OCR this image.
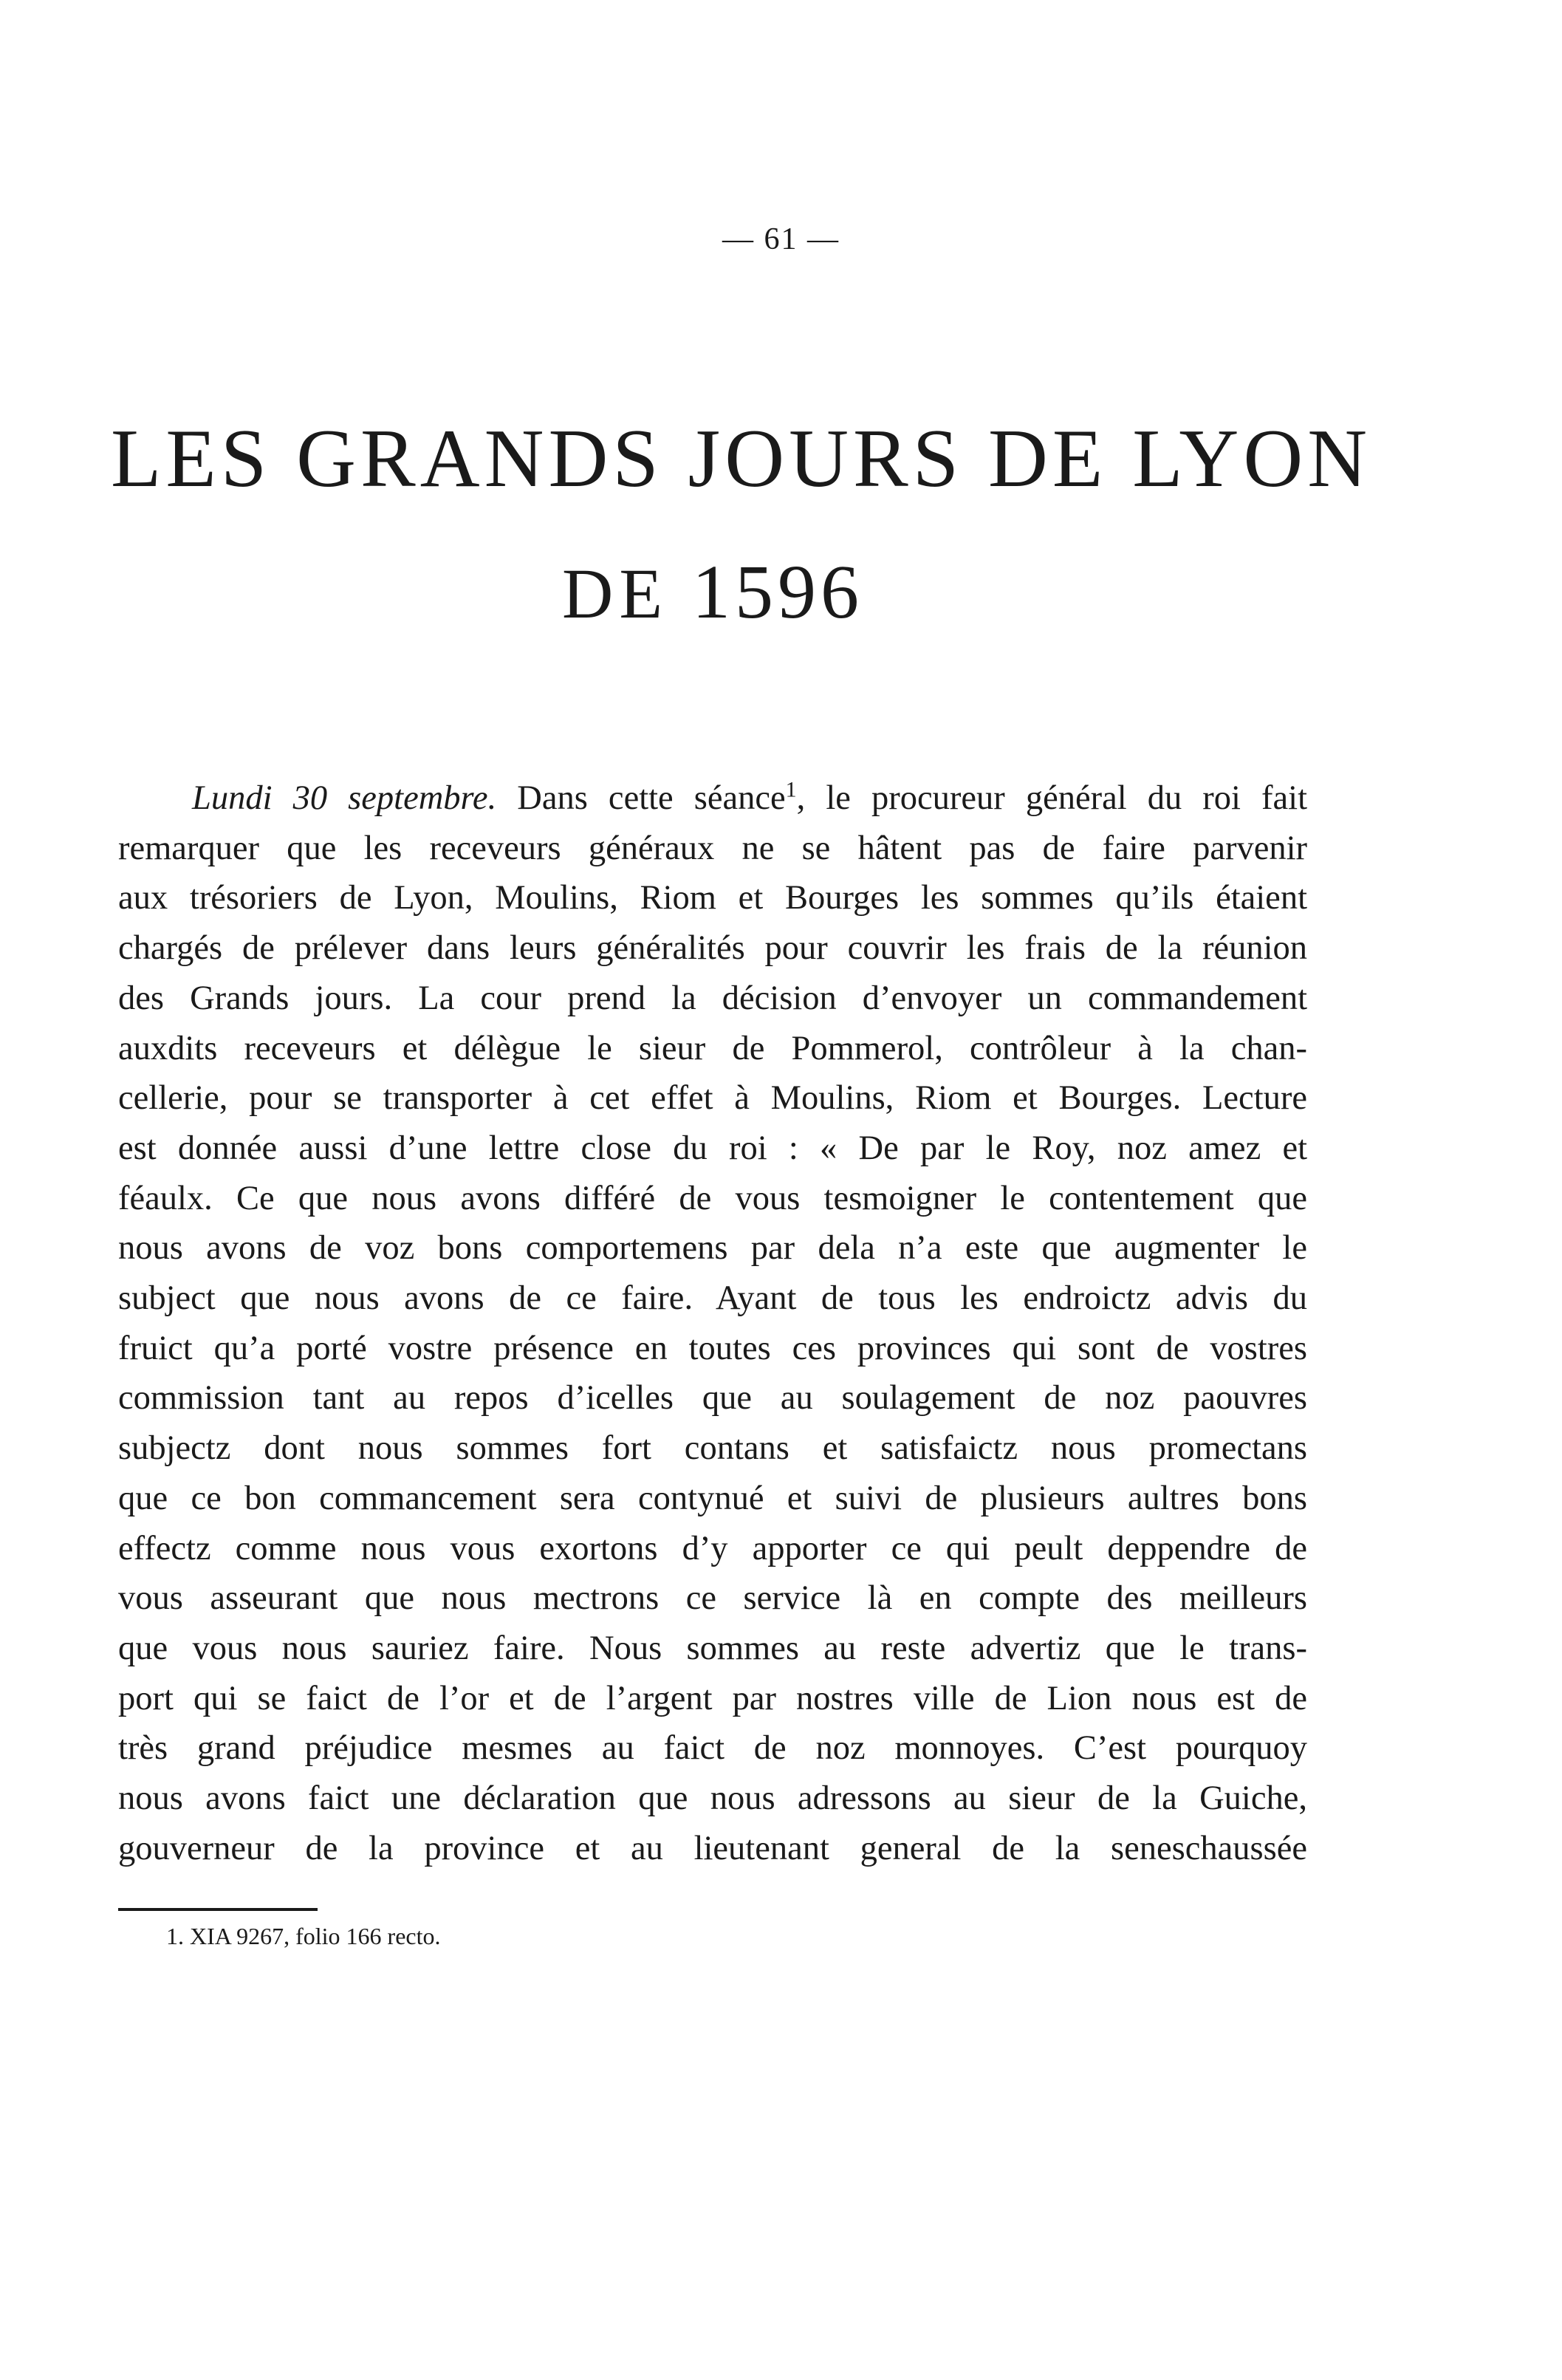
— 61 —
LES GRANDS JOURS DE LYON
DE 1596
Lundi 30 septembre. Dans cette séance$^1$, le procureur général du roi fait
remarquer que les receveurs généraux ne se hâtent pas de faire parvenir
aux trésoriers de Lyon, Moulins, Riom et Bourges les sommes qu’ils étaient
chargés de prélever dans leurs généralités pour couvrir les frais de la réunion
des Grands jours. La cour prend la décision d’envoyer un commandement
auxdits receveurs et délègue le sieur de Pommerol, contrôleur à la chan-
cellerie, pour se transporter à cet effet à Moulins, Riom et Bourges. Lecture
est donnée aussi d’une lettre close du roi : « De par le Roy, noz amez et
féaulx. Ce que nous avons différé de vous tesmoigner le contentement que
nous avons de voz bons comportemens par dela n’a este que augmenter le
subject que nous avons de ce faire. Ayant de tous les endroictz advis du
fruict qu’a porté vostre présence en toutes ces provinces qui sont de vostres
commission tant au repos d’icelles que au soulagement de noz paouvres
subjectz dont nous sommes fort contans et satisfaictz nous promectans
que ce bon commancement sera contynué et suivi de plusieurs aultres bons
effectz comme nous vous exortons d’y apporter ce qui peult deppendre de
vous asseurant que nous mectrons ce service là en compte des meilleurs
que vous nous sauriez faire. Nous sommes au reste advertiz que le trans-
port qui se faict de l’or et de l’argent par nostres ville de Lion nous est de
très grand préjudice mesmes au faict de noz monnoyes. C’est pourquoy
nous avons faict une déclaration que nous adressons au sieur de la Guiche,
gouverneur de la province et au lieutenant general de la seneschaussée
1. XIA 9267, folio 166 recto.
